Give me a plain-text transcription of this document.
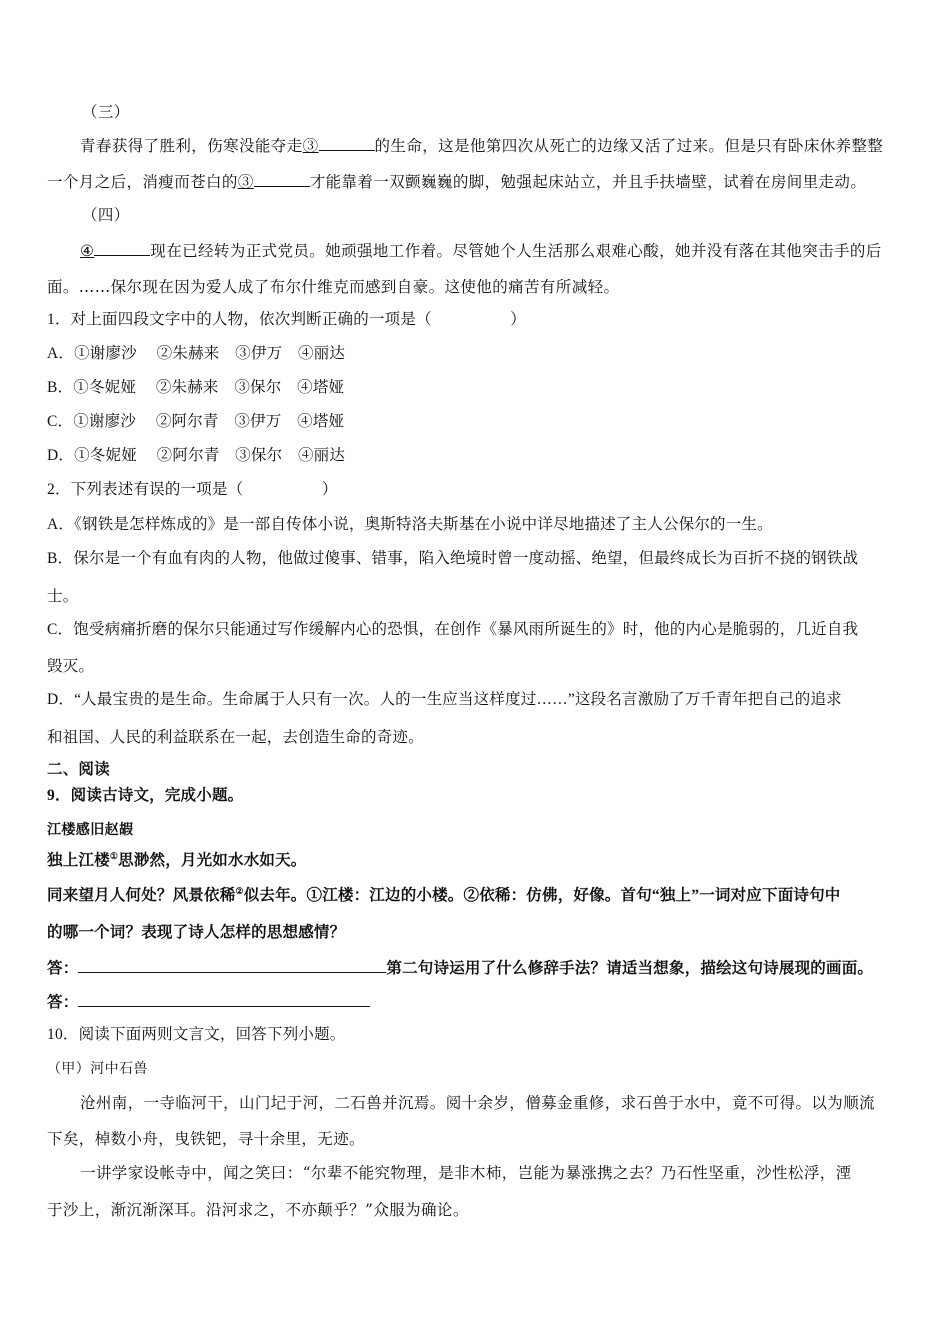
（三）
青春获得了胜利，伤寒没能夺走③	的生命，这是他第四次从死亡的边缘又活了过来。但是只有卧床休养整整
一个月之后，消瘦而苍白的③	才能靠着一双颤巍巍的脚，勉强起床站立，并且手扶墙壁，试着在房间里走动。
（四）
④	现在已经转为正式党员。她顽强地工作着。尽管她个人生活那么艰难心酸，她并没有落在其他突击手的后
面。……保尔现在因为爱人成了布尔什维克而感到自豪。这使他的痛苦有所减轻。
1．对上面四段文字中的人物，依次判断正确的一项是（　　　　　）
A．①谢廖沙　 ②朱赫来　③伊万　④丽达
B．①冬妮娅　 ②朱赫来　③保尔　④塔娅
C．①谢廖沙　 ②阿尔青　③伊万　④塔娅
D．①冬妮娅　 ②阿尔青　③保尔　④丽达
2．下列表述有误的一项是（　　　　　）
A．《钢铁是怎样炼成的》是一部自传体小说，奥斯特洛夫斯基在小说中详尽地描述了主人公保尔的一生。
B．保尔是一个有血有肉的人物，他做过傻事、错事，陷入绝境时曾一度动摇、绝望，但最终成长为百折不挠的钢铁战
士。
C．饱受病痛折磨的保尔只能通过写作缓解内心的恐惧，在创作《暴风雨所诞生的》时，他的内心是脆弱的，几近自我
毁灭。
D．“人最宝贵的是生命。生命属于人只有一次。人的一生应当这样度过……”这段名言激励了万千青年把自己的追求
和祖国、人民的利益联系在一起，去创造生命的奇迹。
二、阅读
9．阅读古诗文，完成小题。
江楼感旧赵嘏
独上江楼①思渺然，月光如水水如天。
同来望月人何处？风景依稀②似去年。①江楼：江边的小楼。②依稀：仿佛，好像。首句“独上”一词对应下面诗句中
的哪一个词？表现了诗人怎样的思想感情？
答：	第二句诗运用了什么修辞手法？请适当想象，描绘这句诗展现的画面。
答：
10．阅读下面两则文言文，回答下列小题。
（甲）河中石兽
沧州南，一寺临河干，山门圮于河，二石兽并沉焉。阅十余岁，僧募金重修，求石兽于水中，竟不可得。以为顺流
下矣，棹数小舟，曳铁钯，寻十余里，无迹。
一讲学家设帐寺中，闻之笑曰：“尔辈不能究物理，是非木柿，岂能为暴涨携之去？乃石性坚重，沙性松浮，湮
于沙上，渐沉渐深耳。沿河求之，不亦颠乎？”众服为确论。
